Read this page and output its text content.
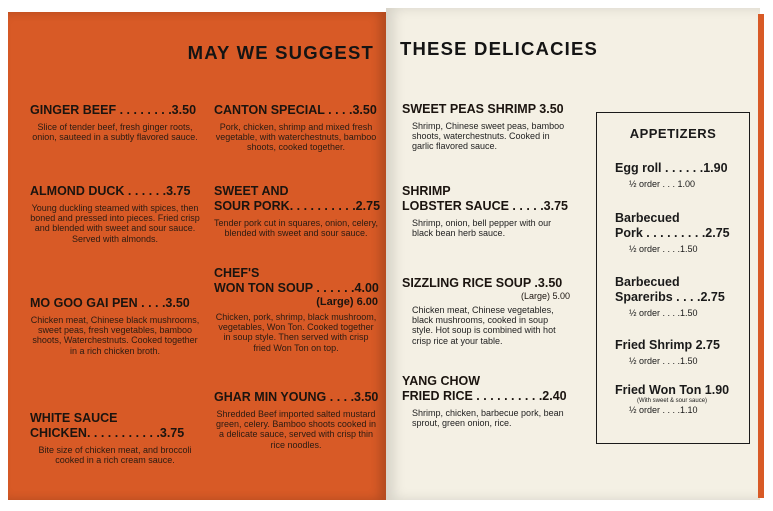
MAY WE SUGGEST
GINGER BEEF . . . . . . . .3.50
Slice of tender beef, fresh ginger roots, onion, sauteed in a subtly flavored sauce.
ALMOND DUCK . . . . . .3.75
Young duckling steamed with spices, then boned and pressed into pieces. Fried crisp and blended with sweet and sour sauce. Served with almonds.
MO GOO GAI PEN . . . .3.50
Chicken meat, Chinese black mushrooms, sweet peas, fresh vegetables, bamboo shoots, Waterchestnuts. Cooked together in a rich chicken broth.
WHITE SAUCE
CHICKEN. . . . . . . . . . .3.75
Bite size of chicken meat, and broccoli cooked in a rich cream sauce.
CANTON SPECIAL . . . .3.50
Pork, chicken, shrimp and mixed fresh vegetable, with waterchestnuts, bamboo shoots, cooked together.
SWEET AND
SOUR PORK. . . . . . . . . .2.75
Tender pork cut in squares, onion, celery, blended with sweet and sour sauce.
CHEF'S
WON TON SOUP . . . . . .4.00
(Large) 6.00
Chicken, pork, shrimp, black mushroom, vegetables, Won Ton. Cooked together in soup style. Then served with crisp fried Won Ton on top.
GHAR MIN YOUNG . . . .3.50
Shredded Beef imported salted mustard green, celery. Bamboo shoots cooked in a delicate sauce, served with crisp thin rice noodles.
THESE DELICACIES
SWEET PEAS SHRIMP 3.50
Shrimp, Chinese sweet peas, bamboo shoots, waterchestnuts. Cooked in garlic flavored sauce.
SHRIMP
LOBSTER SAUCE . . . . .3.75
Shrimp, onion, bell pepper with our black bean herb sauce.
SIZZLING RICE SOUP .3.50
(Large) 5.00
Chicken meat, Chinese vegetables, black mushrooms, cooked in soup style. Hot soup is combined with hot crisp rice at your table.
YANG CHOW
FRIED RICE . . . . . . . . . .2.40
Shrimp, chicken, barbecue pork, bean sprout, green onion, rice.
APPETIZERS
Egg roll . . . . . .1.90
½ order . . . 1.00
Barbecued
Pork . . . . . . . . .2.75
½ order . . . .1.50
Barbecued
Spareribs . . . .2.75
½ order . . . .1.50
Fried Shrimp 2.75
½ order . . . .1.50
Fried Won Ton 1.90
(With sweet & sour sauce)
½ order . . . .1.10
